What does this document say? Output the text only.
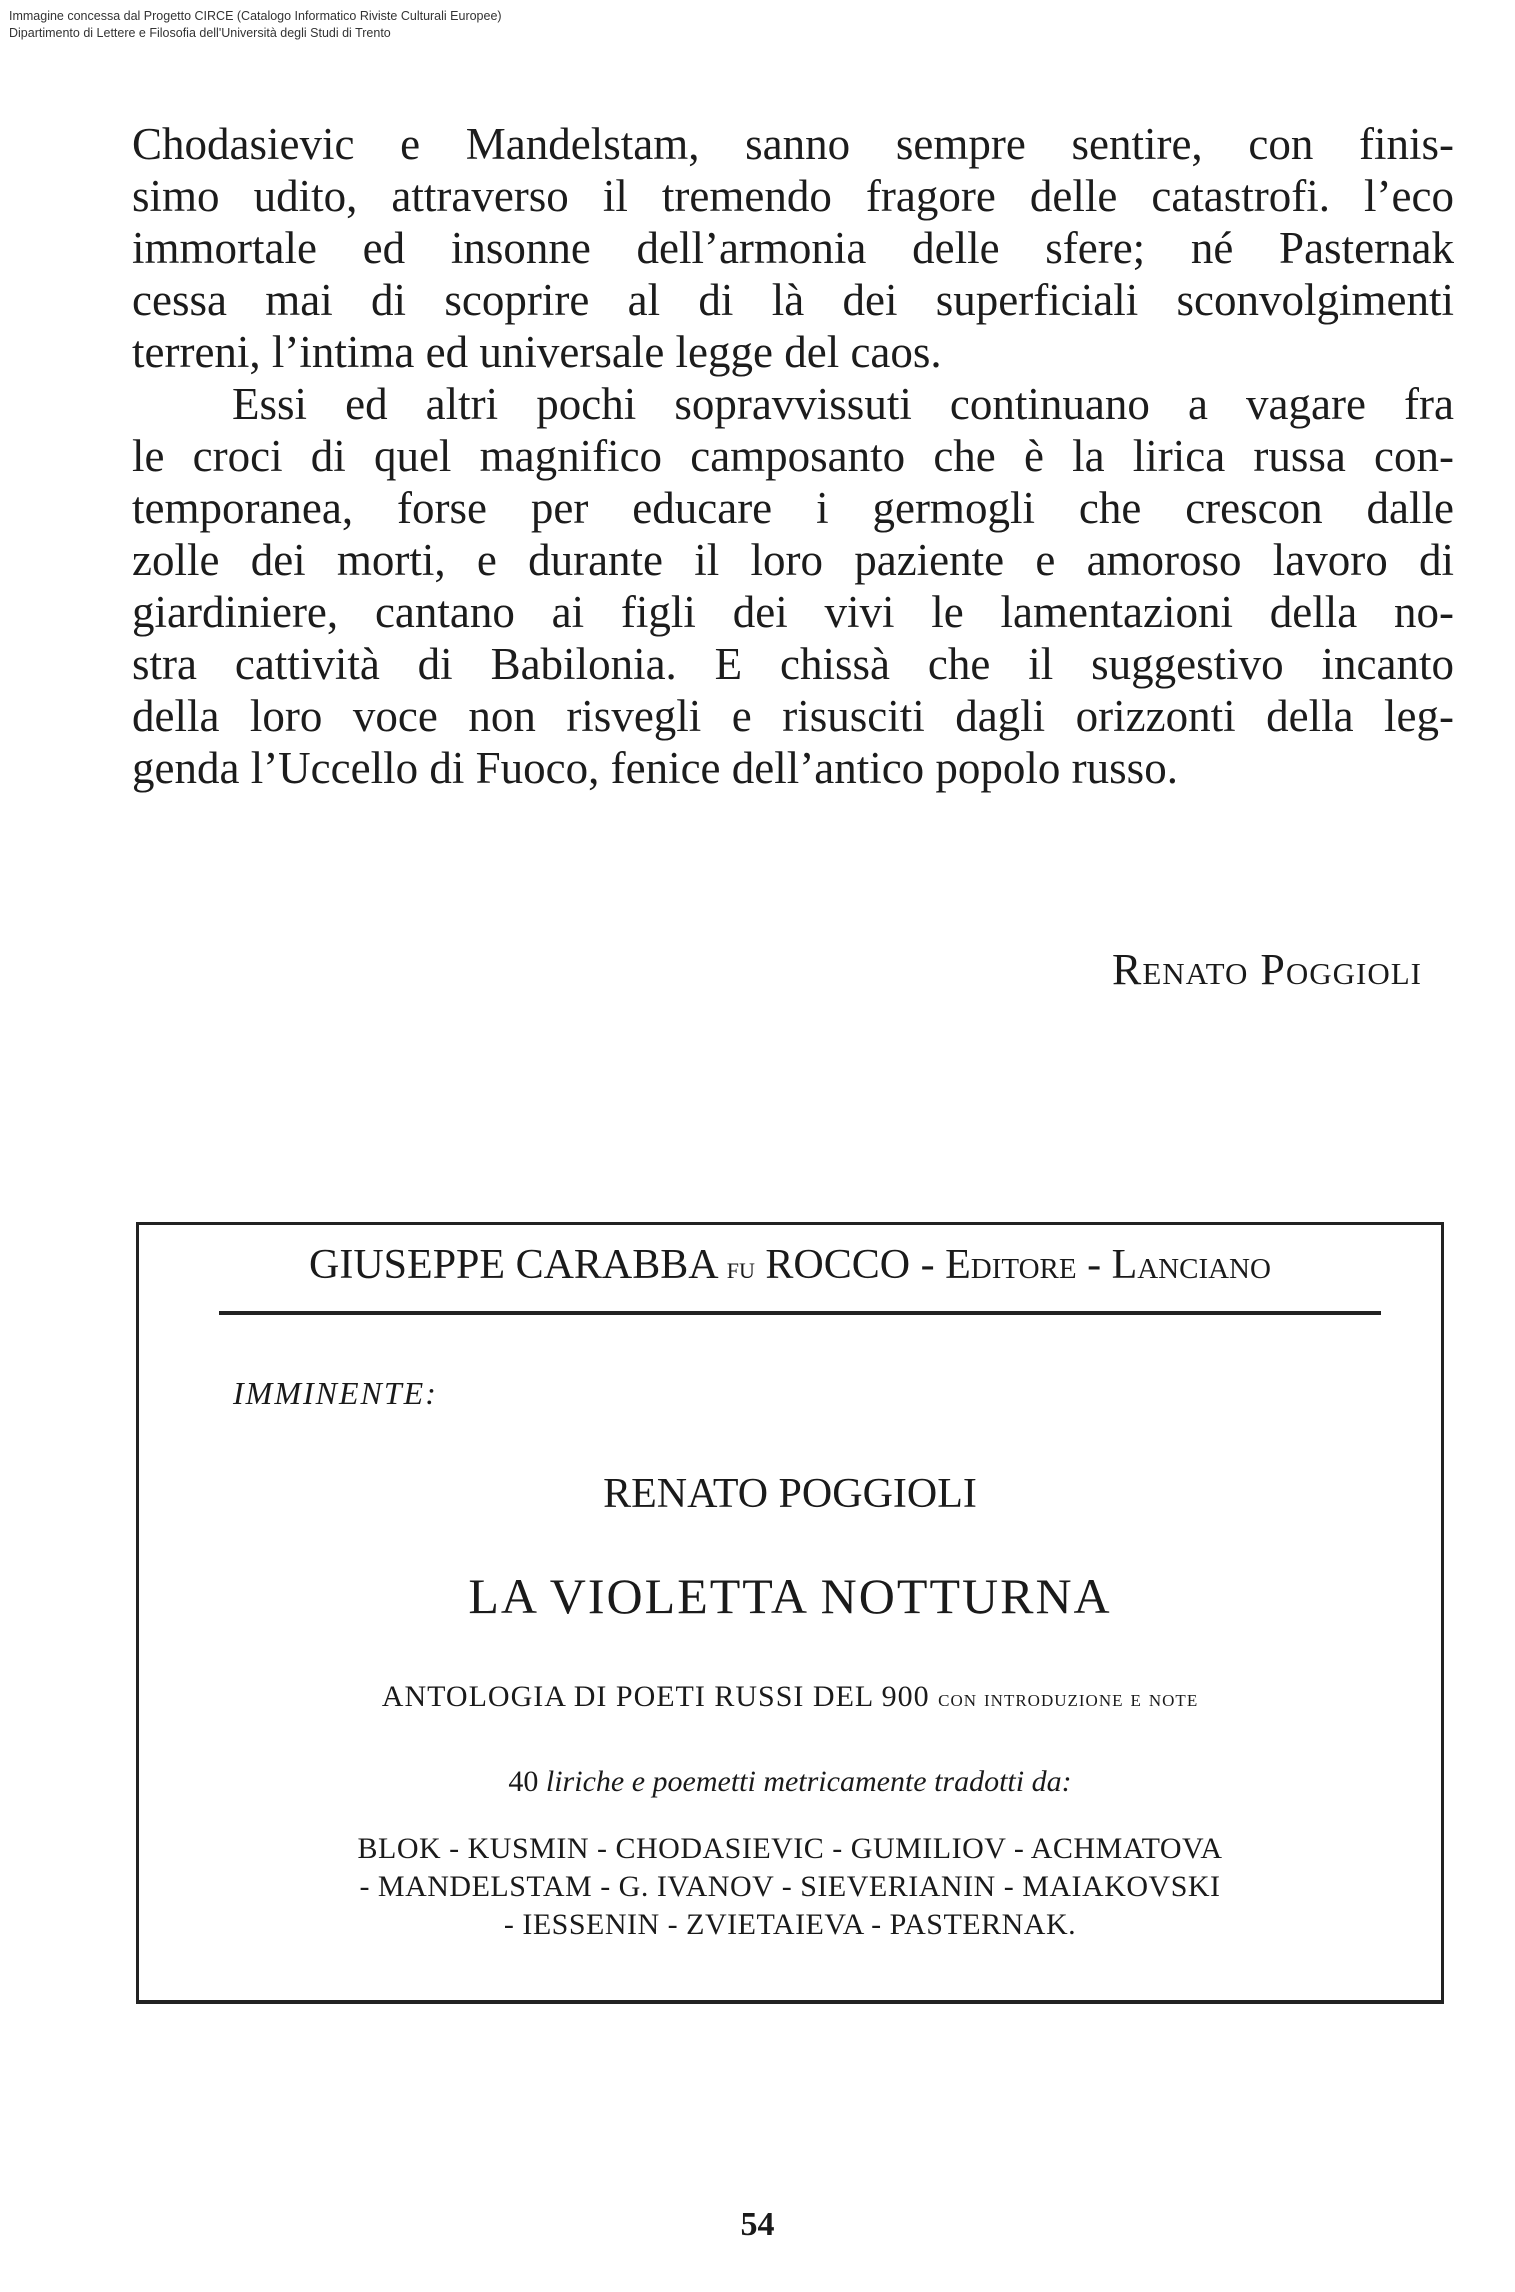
Immagine concessa dal Progetto CIRCE (Catalogo Informatico Riviste Culturali Europee)
Dipartimento di Lettere e Filosofia dell'Università degli Studi di Trento
Chodasievic e Mandelstam, sanno sempre sentire, con finis-
simo udito, attraverso il tremendo fragore delle catastrofi. l’eco
immortale ed insonne dell’armonia delle sfere; né Pasternak
cessa mai di scoprire al di là dei superficiali sconvolgimenti
terreni, l’intima ed universale legge del caos.
Essi ed altri pochi sopravvissuti continuano a vagare fra
le croci di quel magnifico camposanto che è la lirica russa con-
temporanea, forse per educare i germogli che crescon dalle
zolle dei morti, e durante il loro paziente e amoroso lavoro di
giardiniere, cantano ai figli dei vivi le lamentazioni della no-
stra cattività di Babilonia. E chissà che il suggestivo incanto
della loro voce non risvegli e risusciti dagli orizzonti della leg-
genda l’Uccello di Fuoco, fenice dell’antico popolo russo.
Renato Poggioli
GIUSEPPE CARABBA fu ROCCO - Editore - Lanciano
IMMINENTE:
RENATO POGGIOLI
LA VIOLETTA NOTTURNA
ANTOLOGIA DI POETI RUSSI DEL 900 con introduzione e note
40 liriche e poemetti metricamente tradotti da:
BLOK - KUSMIN - CHODASIEVIC - GUMILIOV - ACHMATOVA
- MANDELSTAM - G. IVANOV - SIEVERIANIN - MAIAKOVSKI
- IESSENIN - ZVIETAIEVA - PASTERNAK.
54
